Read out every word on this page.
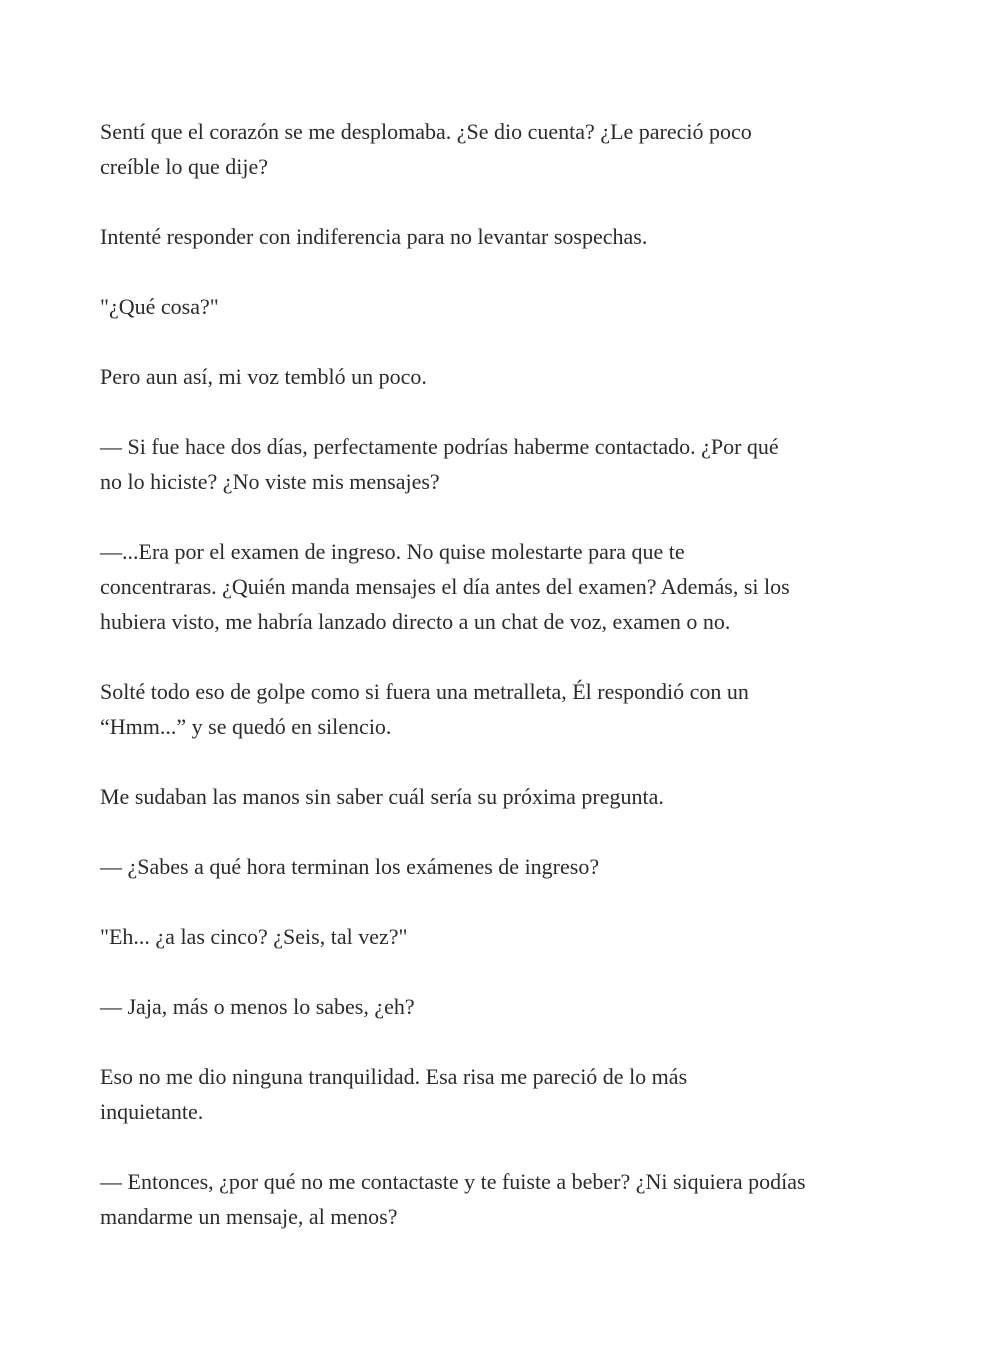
Sentí que el corazón se me desplomaba. ¿Se dio cuenta? ¿Le pareció poco
creíble lo que dije?

Intenté responder con indiferencia para no levantar sospechas.

"¿Qué cosa?"

Pero aun así, mi voz tembló un poco.

— Si fue hace dos días, perfectamente podrías haberme contactado. ¿Por qué
no lo hiciste? ¿No viste mis mensajes?

—...Era por el examen de ingreso. No quise molestarte para que te
concentraras. ¿Quién manda mensajes el día antes del examen? Además, si los
hubiera visto, me habría lanzado directo a un chat de voz, examen o no.

Solté todo eso de golpe como si fuera una metralleta, Él respondió con un
“Hmm...” y se quedó en silencio.

Me sudaban las manos sin saber cuál sería su próxima pregunta.

— ¿Sabes a qué hora terminan los exámenes de ingreso?

"Eh... ¿a las cinco? ¿Seis, tal vez?"

— Jaja, más o menos lo sabes, ¿eh?

Eso no me dio ninguna tranquilidad. Esa risa me pareció de lo más
inquietante.

— Entonces, ¿por qué no me contactaste y te fuiste a beber? ¿Ni siquiera podías
mandarme un mensaje, al menos?
